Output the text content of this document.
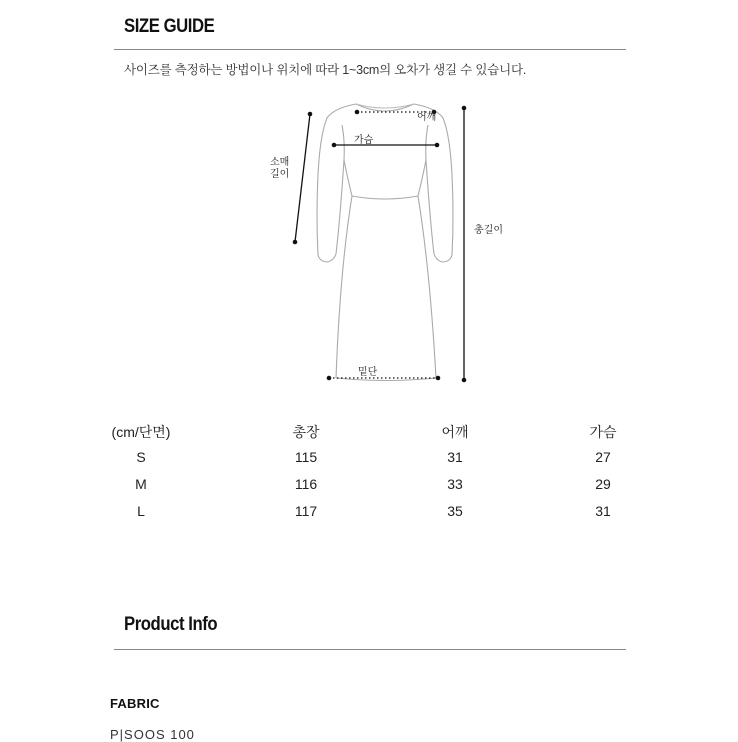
SIZE GUIDE
사이즈를 측정하는 방법이나 위치에 따라 1~3cm의 오차가 생길 수 있습니다.
어깨
가슴
소매
길이
총길이
밑단
(cm/단면)	총장	어깨	가슴
S	115	31	27
M	116	33	29
L	117	35	31
Product Info
FABRIC
P|SOOS 100
